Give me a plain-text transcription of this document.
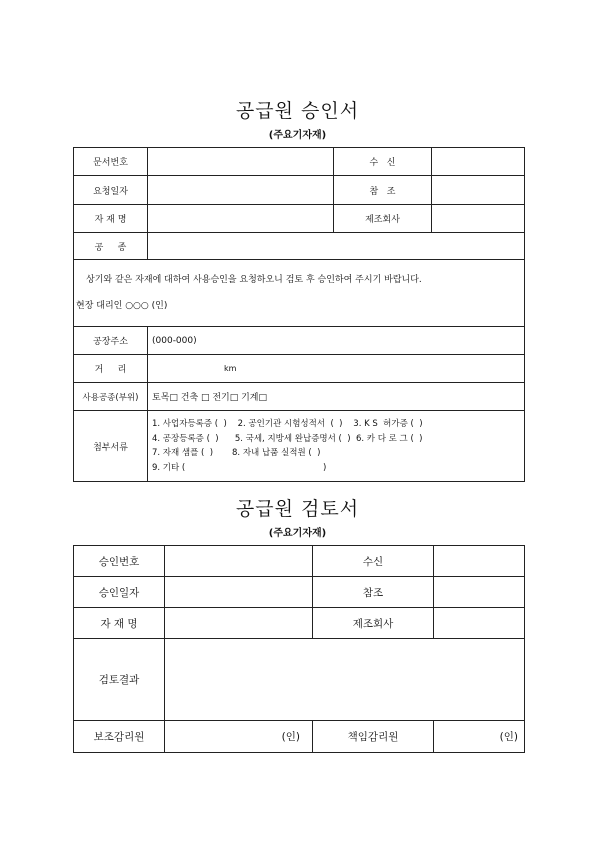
공급원 승인서
(주요기자재)
문서번호		수   신	
요청일자		참   조	
자 재 명		제조회사	
공     종			

상기와 같은 자재에 대하여 사용승인을 요청하오니 검토 후 승인하여 주시기 바랍니다.
현장 대리인 ○○○ (인)			

공장주소	(000-000)		
거     리	km		
사용공종(부위)	토목□ 건축 □ 전기□ 기계□		
첨부서류	1. 사업자등록증 (  )    2. 공인기관 시험성적서  (  )    3. K S  허가증 (  )
4. 공장등록증 (  )      5. 국세, 지방세 완납증명서 (  )  6. 카 다 로 그 (  )
7. 자재 샘플 (  )       8. 자내 납품 실적원 (  )
9. 기타 (                                                   )		
공급원 검토서
(주요기자재)
승인번호		수신	
승인일자		참조	
자 재 명		제조회사	
검토결과			
보조감리원	(인)	책임감리원	(인)
